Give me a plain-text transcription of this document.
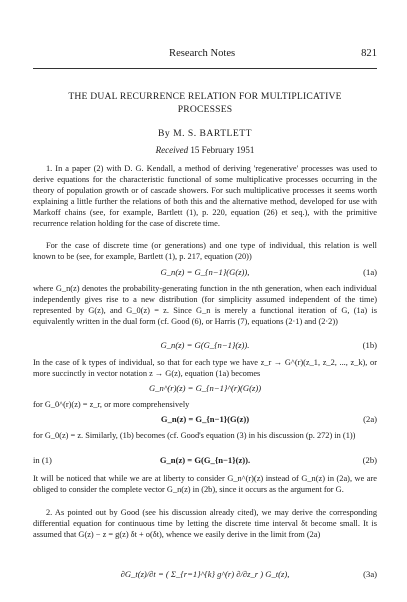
Research Notes	821
THE DUAL RECURRENCE RELATION FOR MULTIPLICATIVE
PROCESSES
By M. S. BARTLETT
Received 15 February 1951
1. In a paper (2) with D. G. Kendall, a method of deriving 'regenerative' processes was used to derive equations for the characteristic functional of some multiplicative processes occurring in the theory of population growth or of cascade showers. For such multiplicative processes it seems worth explaining a little further the relations of both this and the alternative method, developed for use with Markoff chains (see, for example, Bartlett (1), p. 220, equation (26) et seq.), with the primitive recurrence relation holding for the case of discrete time.
For the case of discrete time (or generations) and one type of individual, this relation is well known to be (see, for example, Bartlett (1), p. 217, equation (20))
G_n(z) = G_{n−1}(G(z)),	(1a)
where G_n(z) denotes the probability-generating function in the nth generation, when each individual independently gives rise to a new distribution (for simplicity assumed independent of the time) represented by G(z), and G_0(z) = z. Since G_n is merely a functional iteration of G, (1a) is equivalently written in the dual form (cf. Good (6), or Harris (7), equations (2·1) and (2·2))
G_n(z) = G(G_{n−1}(z)).	(1b)
In the case of k types of individual, so that for each type we have z_r → G^(r)(z_1, z_2, ..., z_k), or more succinctly in vector notation z → G(z), equation (1a) becomes
G_n^(r)(z) = G_{n−1}^(r)(G(z))
for G_0^(r)(z) = z_r, or more comprehensively
G_n(z) = G_{n−1}(G(z))	(2a)
for G_0(z) = z. Similarly, (1b) becomes (cf. Good's equation (3) in his discussion (p. 272) in (1))
in (1)	G_n(z) = G(G_{n−1}(z)).	(2b)
It will be noticed that while we are at liberty to consider G_n^(r)(z) instead of G_n(z) in (2a), we are obliged to consider the complete vector G_n(z) in (2b), since it occurs as the argument for G.
2. As pointed out by Good (see his discussion already cited), we may derive the corresponding differential equation for continuous time by letting the discrete time interval δt become small. It is assumed that G(z) − z = g(z) δt + o(δt), whence we easily derive in the limit from (2a)
∂G_t(z)/∂t = ( Σ_{r=1}^{k} g^(r) ∂/∂z_r ) G_t(z),	(3a)
